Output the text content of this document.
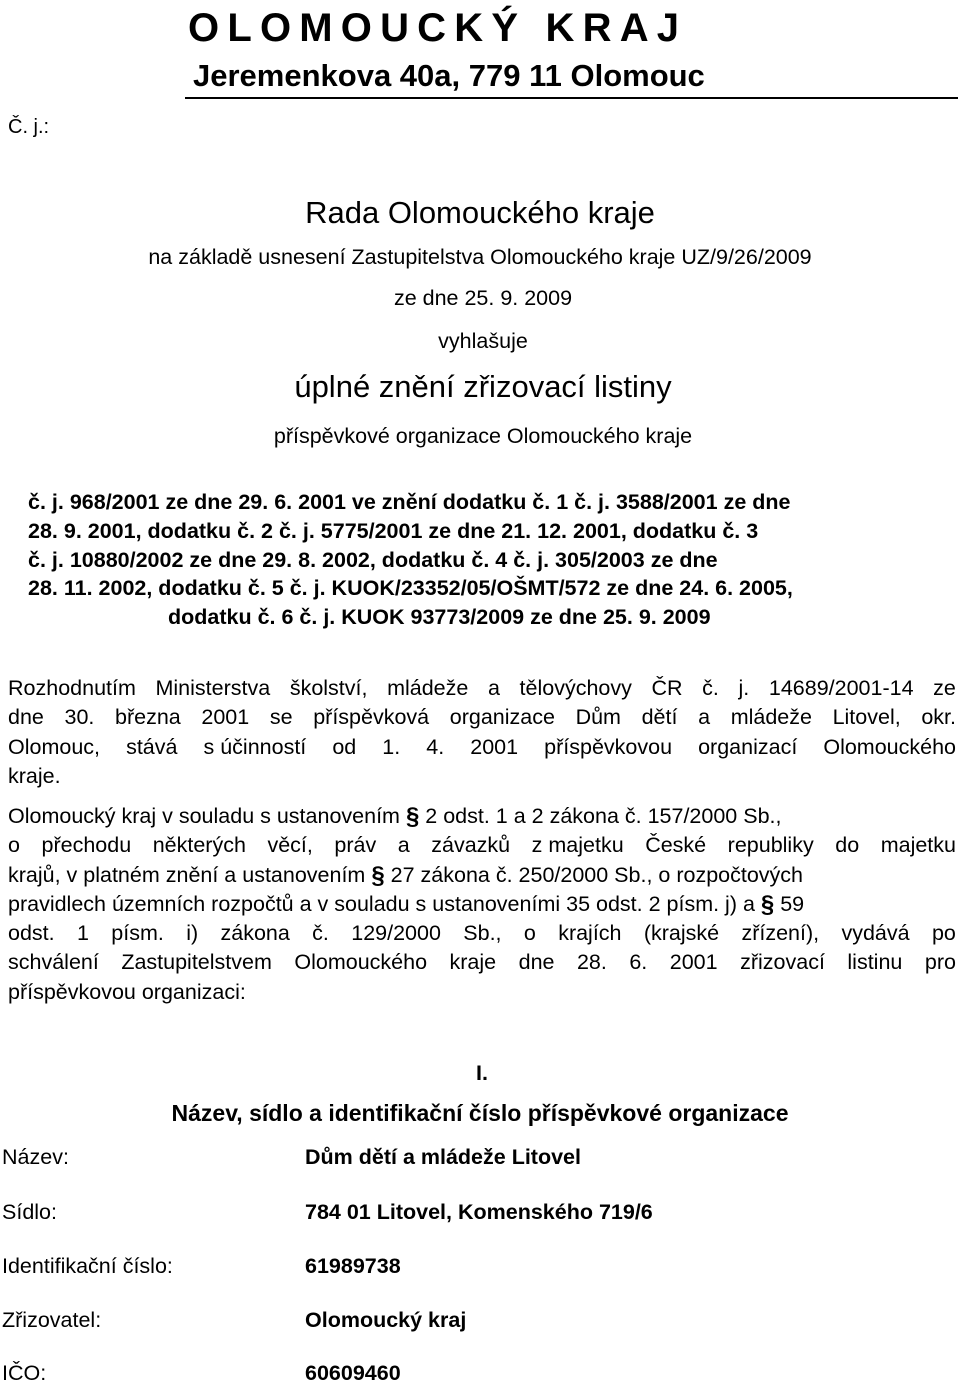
OLOMOUCKÝ KRAJ
Jeremenkova 40a, 779 11 Olomouc
Č. j.:
Rada Olomouckého kraje
na základě usnesení Zastupitelstva Olomouckého kraje UZ/9/26/2009
ze dne 25. 9. 2009
vyhlašuje
úplné znění zřizovací listiny
příspěvkové organizace Olomouckého kraje
č. j. 968/2001 ze dne 29. 6. 2001 ve znění dodatku č. 1 č. j. 3588/2001 ze dne
28. 9. 2001, dodatku č. 2 č. j. 5775/2001 ze dne 21. 12. 2001, dodatku č. 3
č. j. 10880/2002 ze dne 29. 8. 2002, dodatku č. 4 č. j. 305/2003 ze dne
28. 11. 2002, dodatku č. 5 č. j. KUOK/23352/05/OŠMT/572 ze dne 24. 6. 2005,
dodatku č. 6 č. j. KUOK 93773/2009 ze dne 25. 9. 2009
Rozhodnutím Ministerstva školství, mládeže a tělovýchovy ČR č. j. 14689/2001-14 ze
dne 30. března 2001 se příspěvková organizace Dům dětí a mládeže Litovel, okr.
Olomouc, stává s účinností od 1. 4. 2001 příspěvkovou organizací Olomouckého
kraje.
Olomoucký kraj v souladu s ustanovením § 2 odst. 1 a 2 zákona č. 157/2000 Sb.,
o přechodu některých věcí, práv a závazků z majetku České republiky do majetku
krajů, v platném znění a ustanovením § 27 zákona č. 250/2000 Sb., o rozpočtových
pravidlech územních rozpočtů a v souladu s ustanoveními 35 odst. 2 písm. j) a § 59
odst. 1 písm. i) zákona č. 129/2000 Sb., o krajích (krajské zřízení), vydává po
schválení Zastupitelstvem Olomouckého kraje dne 28. 6. 2001 zřizovací listinu pro
příspěvkovou organizaci:
I.
Název, sídlo a identifikační číslo příspěvkové organizace
Název:	Dům dětí a mládeže Litovel
Sídlo:	784 01 Litovel, Komenského 719/6
Identifikační číslo:	61989738
Zřizovatel:	Olomoucký kraj
IČO:	60609460
